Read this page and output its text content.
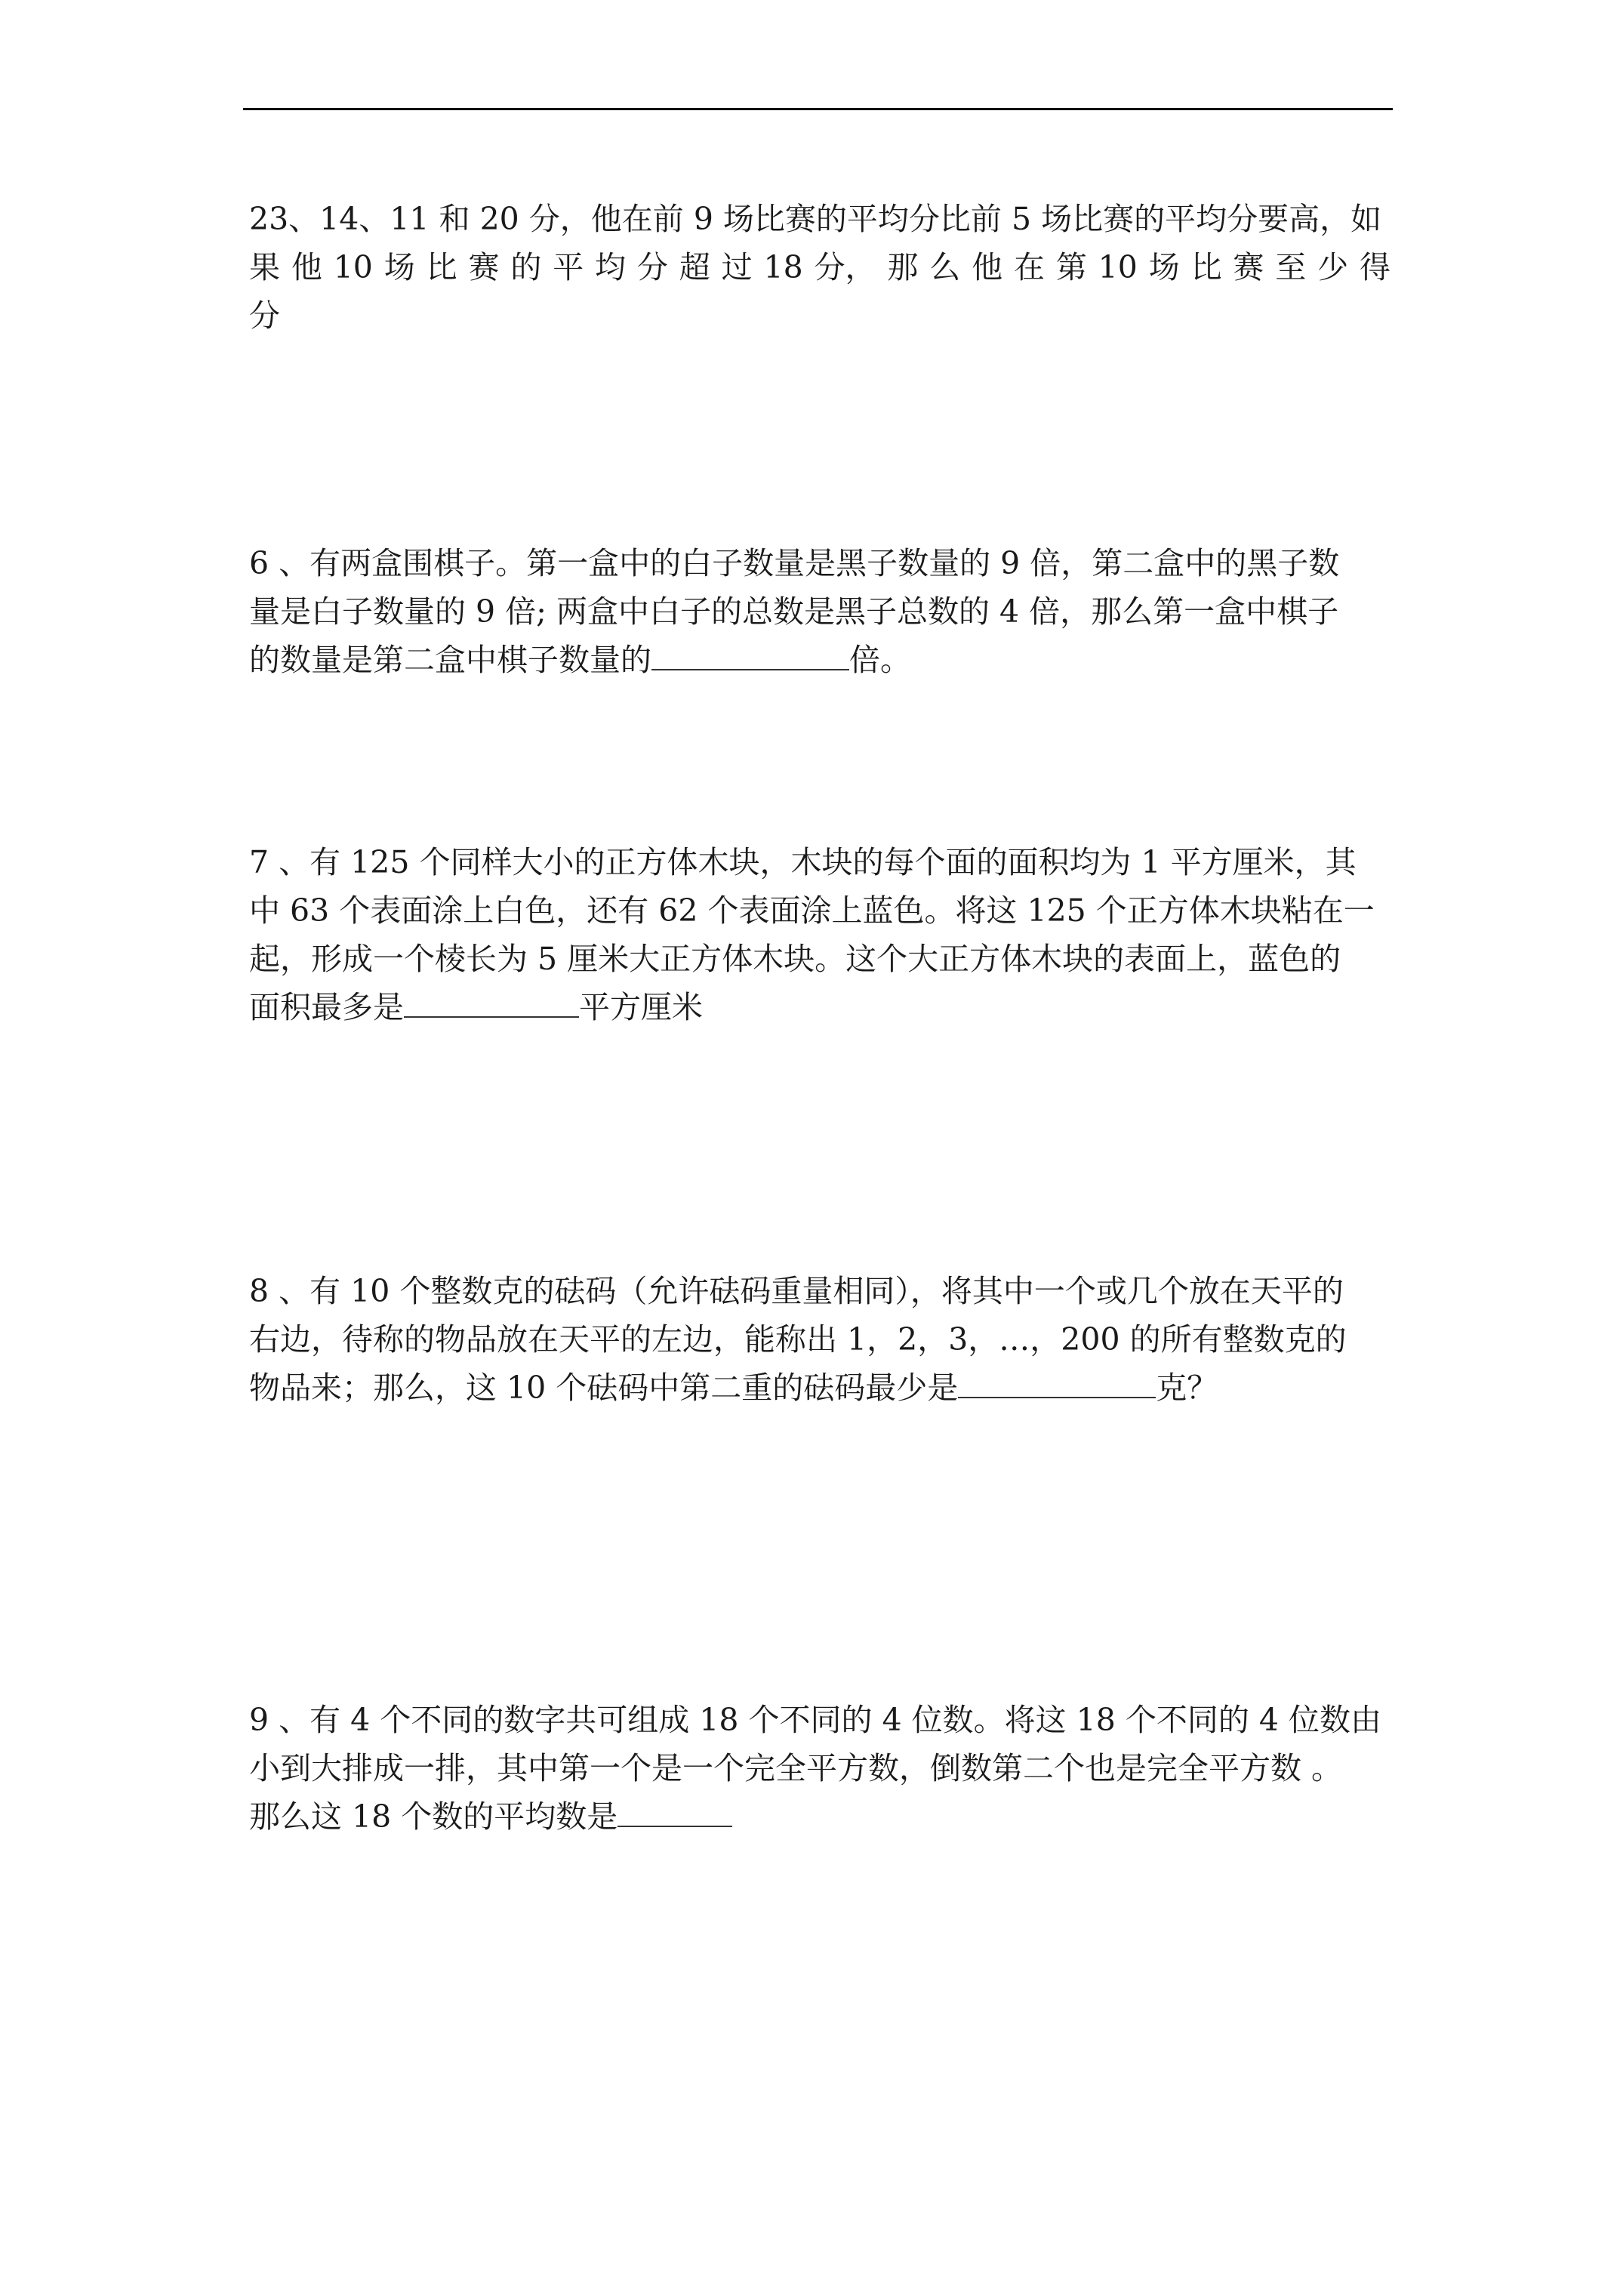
23、14、11 和 20 分，他在前 9 场比赛的平均分比前 5 场比赛的平均分要高，如
果 他 10 场 比 赛 的 平 均 分 超 过 18 分， 那 么 他 在 第 10 场 比 赛 至 少 得
分
6 、有两盒围棋子。第一盒中的白子数量是黑子数量的 9 倍，第二盒中的黑子数
量是白子数量的 9 倍; 两盒中白子的总数是黑子总数的 4 倍，那么第一盒中棋子
的数量是第二盒中棋子数量的	倍。
7 、有 125 个同样大小的正方体木块，木块的每个面的面积均为 1 平方厘米，其
中 63 个表面涂上白色，还有 62 个表面涂上蓝色。将这 125 个正方体木块粘在一
起，形成一个棱长为 5 厘米大正方体木块。这个大正方体木块的表面上，蓝色的
面积最多是	平方厘米
8 、有 10 个整数克的砝码（允许砝码重量相同），将其中一个或几个放在天平的
右边，待称的物品放在天平的左边，能称出 1，2，3，…，200 的所有整数克的
物品来；那么，这 10 个砝码中第二重的砝码最少是	克？
9 、有 4 个不同的数字共可组成 18 个不同的 4 位数。将这 18 个不同的 4 位数由
小到大排成一排，其中第一个是一个完全平方数，倒数第二个也是完全平方数 。
那么这 18 个数的平均数是
